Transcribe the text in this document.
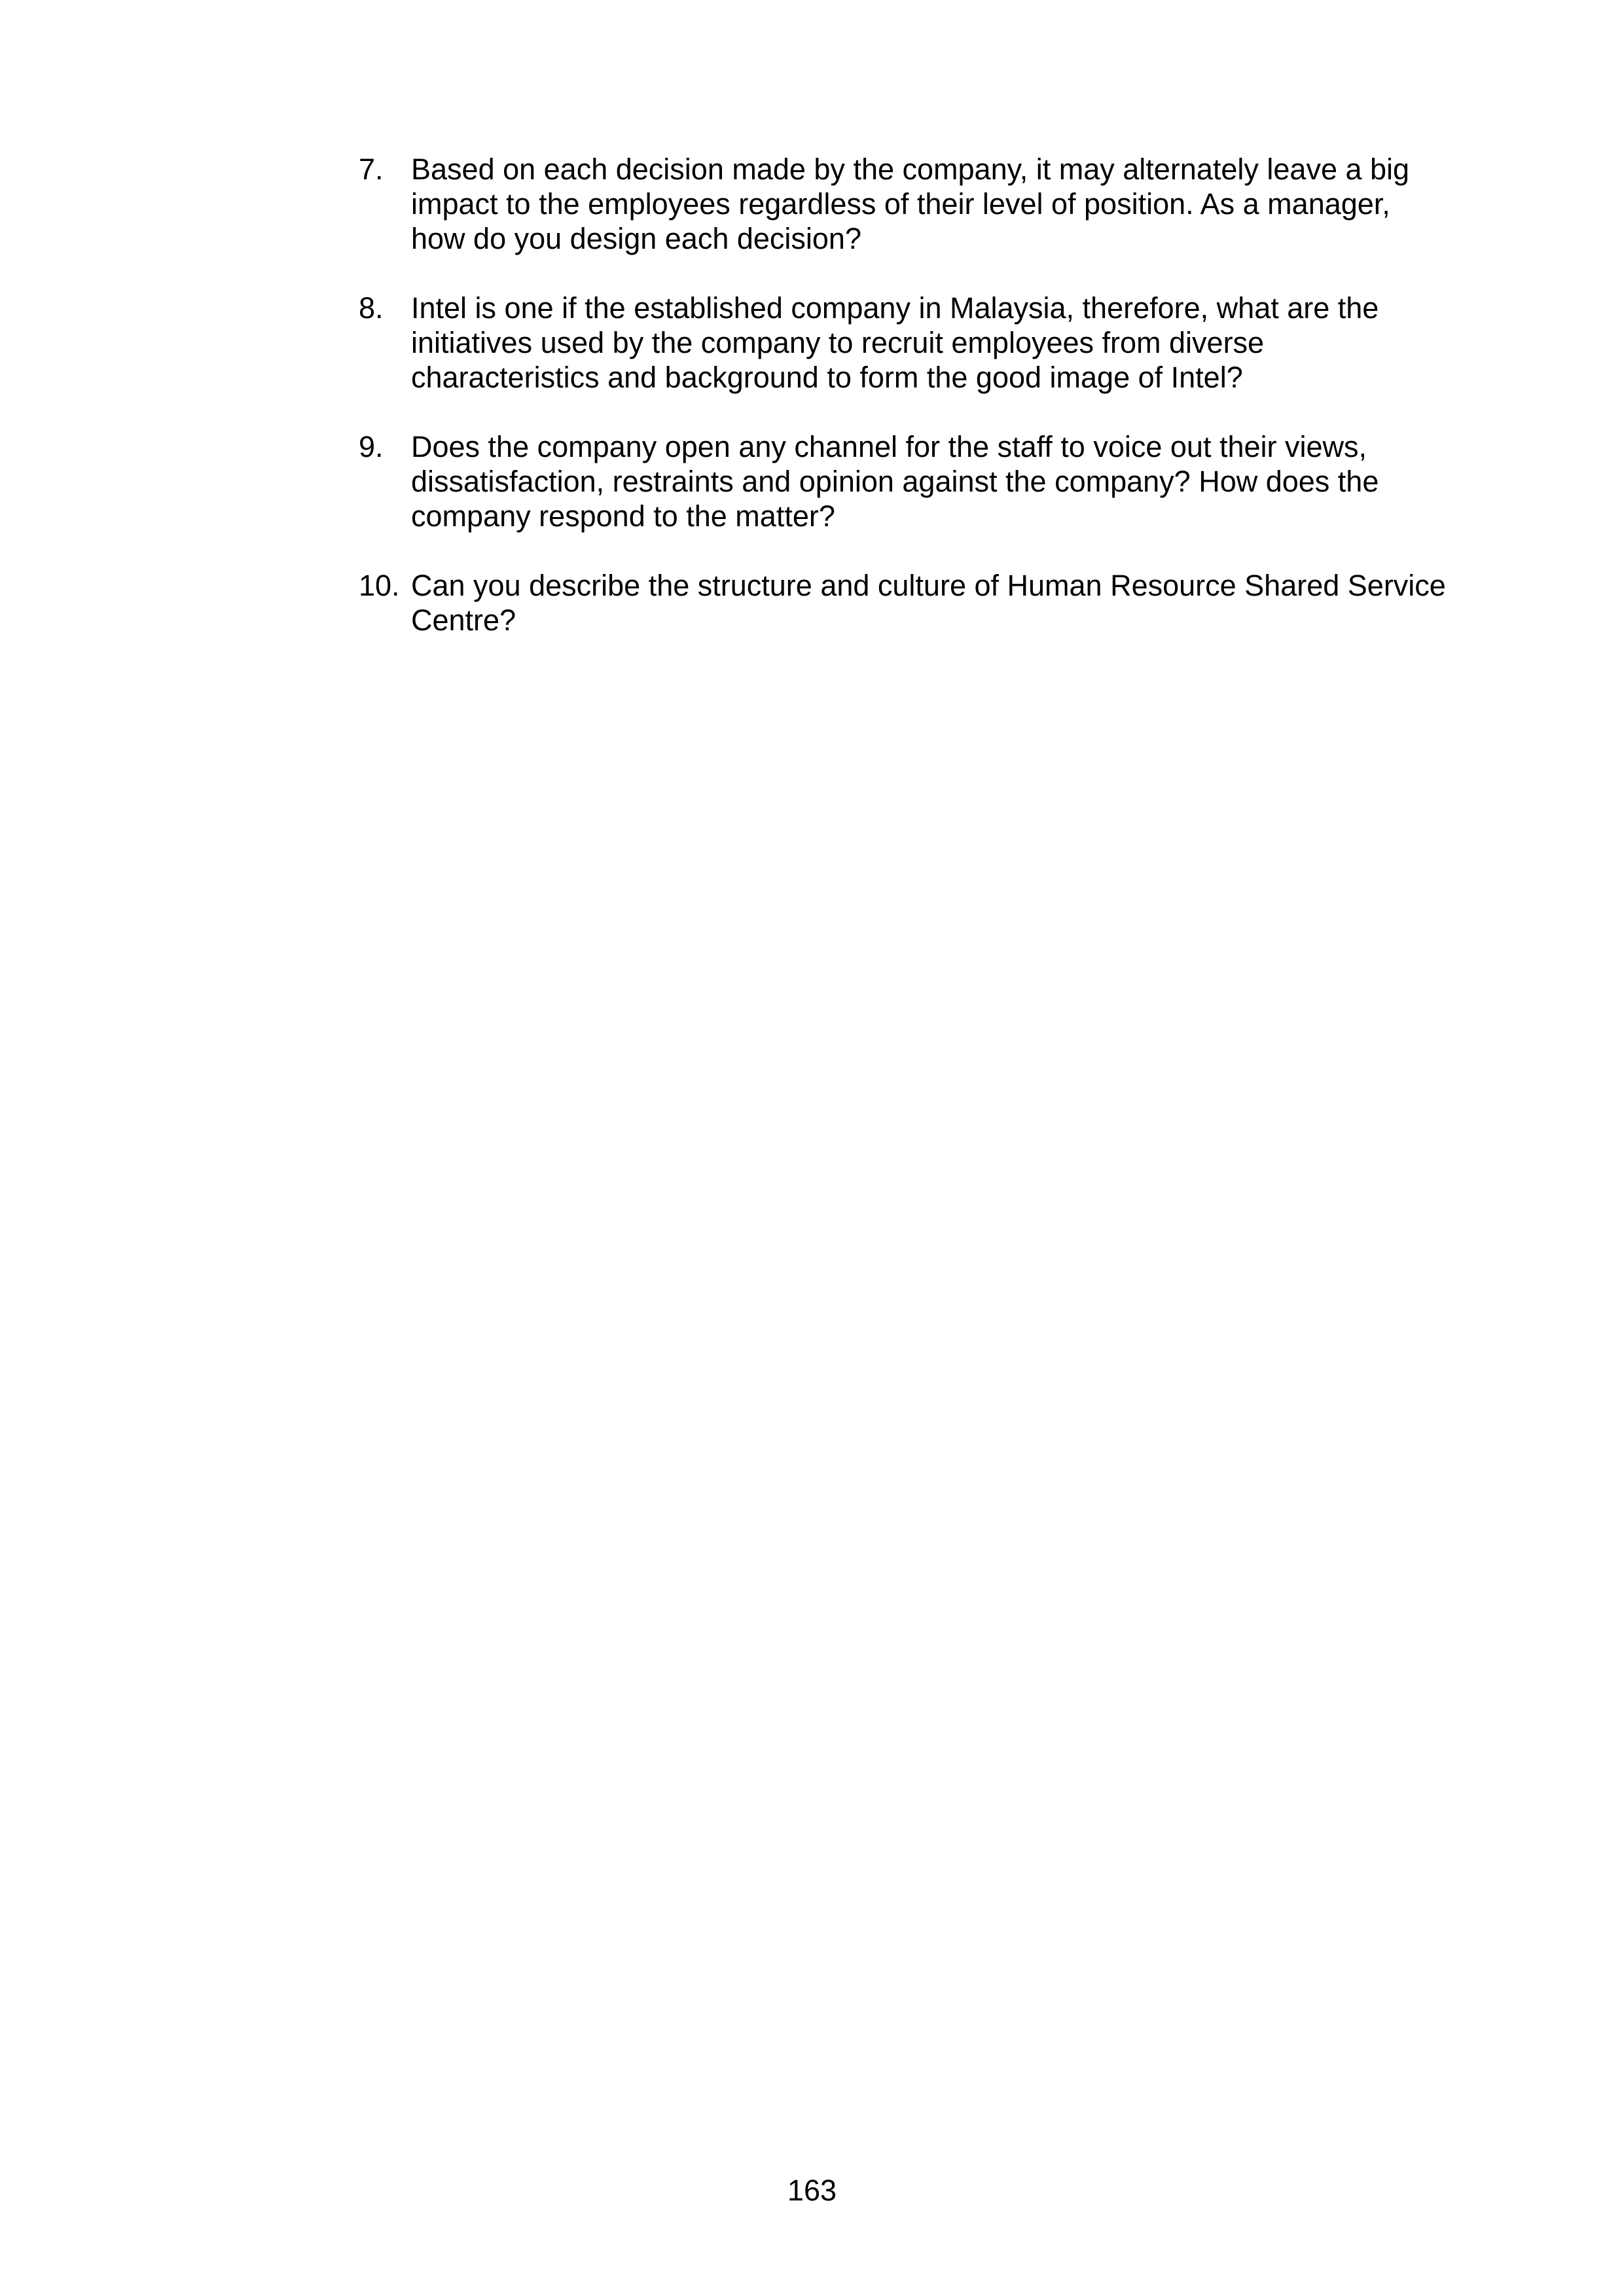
7. Based on each decision made by the company, it may alternately leave a big
impact to the employees regardless of their level of position. As a manager,
how do you design each decision?
8. Intel is one if the established company in Malaysia, therefore, what are the
initiatives used by the company to recruit employees from diverse
characteristics and background to form the good image of Intel?
9. Does the company open any channel for the staff to voice out their views,
dissatisfaction, restraints and opinion against the company? How does the
company respond to the matter?
10. Can you describe the structure and culture of Human Resource Shared Service
Centre?
163
